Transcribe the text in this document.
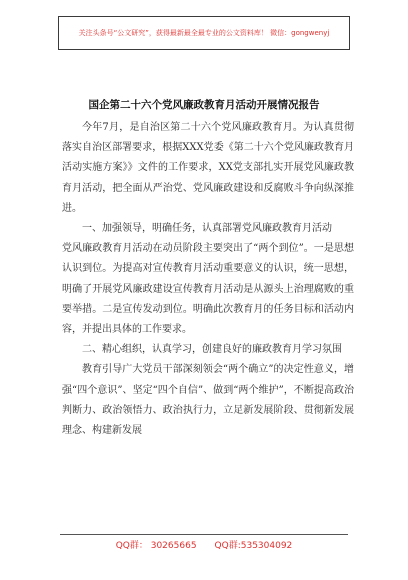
关注头条号“公文研究”，获得最新最全最专业的公文资料库！ 微信：gongwenyj
国企第二十六个党风廉政教育月活动开展情况报告

今年7月，是自治区第二十六个党风廉政教育月。为认真贯彻落实自治区部署要求，根据XXX党委《第二十六个党风廉政教育月活动实施方案》》文件的工作要求，XX党支部扎实开展党风廉政教育月活动，把全面从严治党、党风廉政建设和反腐败斗争向纵深推进。

一、加强领导，明确任务，认真部署党风廉政教育月活动

党风廉政教育月活动在动员阶段主要突出了“两个到位”。一是思想认识到位。为提高对宣传教育月活动重要意义的认识，统一思想，明确了开展党风廉政建设宣传教育月活动是从源头上治理腐败的重要举措。二是宣传发动到位。明确此次教育月的任务目标和活动内容，并提出具体的工作要求。

二、精心组织，认真学习，创建良好的廉政教育月学习氛围

教育引导广大党员干部深刻领会“两个确立”的决定性意义，增强“四个意识”、坚定“四个自信”、做到“两个维护”，不断提高政治判断力、政治领悟力、政治执行力，立足新发展阶段、贯彻新发展理念、构建新发展

QQ群： 30265665 QQ群:535304092
